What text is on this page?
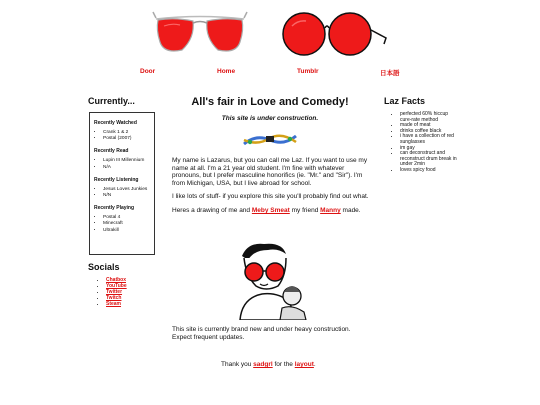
Door	Home	Tumblr	日本語
Currently...
Recently Watched
• Crank 1 & 2
• Postal (2007)
Recently Read
• Lupin III Millennium
• N/A
Recently Listening
• Jesus Loves Junkies
• N/N
Recently Playing
• Postal 4
• Minecraft
• Ultrakill
Socials
• Chatbox
• YouTube
• Twitter
• Twitch
• Steam
All's fair in Love and Comedy!
This site is under construction.

My name is Lazarus, but you can call me Laz. If you want to use my name at all. I'm a 21 year old student. I'm fine with whatever pronouns, but I prefer masculine honorifics (ie. "Mr." and "Sir"). I'm from Michigan, USA, but I live abroad for school.

I like lots of stuff- if you explore this site you'll probably find out what.

Heres a drawing of me and Meby Smeat my friend Manny made.

This site is currently brand new and under heavy construction. Expect frequent updates.
Thank you sadgrl for the layout.
Laz Facts
• perfected 60% hiccup cure-rate method
• made of meat
• drinks coffee black
• i have a collection of red sunglasses
• im gay
• can deconstruct and reconstruct drum break in under 2min
• loves spicy food
